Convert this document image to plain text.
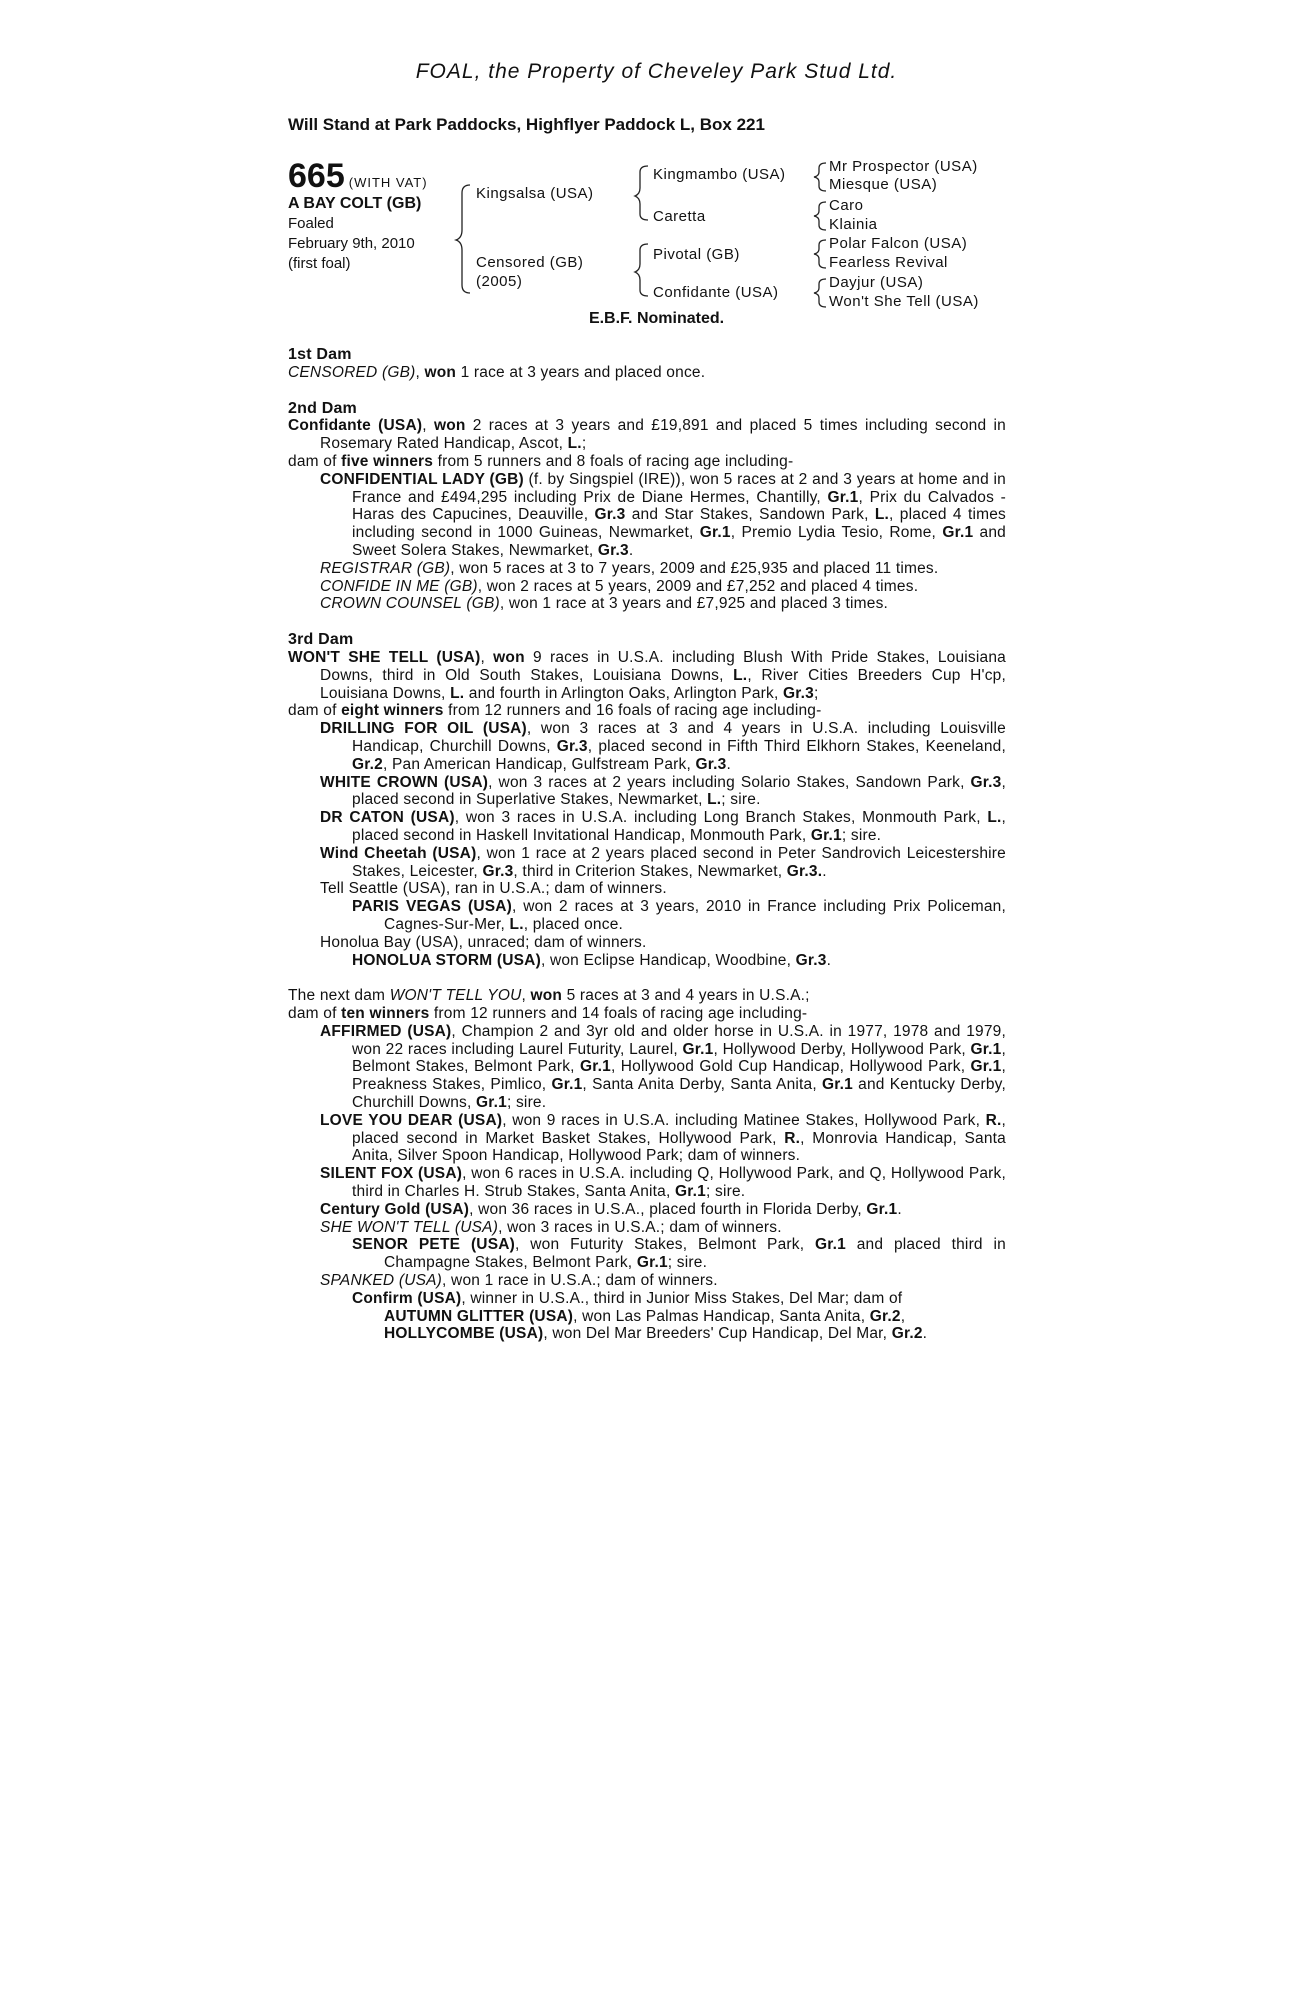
FOAL, the Property of Cheveley Park Stud Ltd.
Will Stand at Park Paddocks, Highflyer Paddock L, Box 221
665 (WITH VAT)
A BAY COLT (GB)
Foaled
February 9th, 2010
(first foal)
Kingsalsa (USA)
Censored (GB)
(2005)
Kingmambo (USA)
Caretta
Pivotal (GB)
Confidante (USA)
Mr Prospector (USA)
Miesque (USA)
Caro
Klainia
Polar Falcon (USA)
Fearless Revival
Dayjur (USA)
Won't She Tell (USA)
E.B.F. Nominated.
1st Dam
CENSORED (GB), won 1 race at 3 years and placed once.
2nd Dam
Confidante (USA), won 2 races at 3 years and £19,891 and placed 5 times including second in Rosemary Rated Handicap, Ascot, L.;
dam of five winners from 5 runners and 8 foals of racing age including-
CONFIDENTIAL LADY (GB) (f. by Singspiel (IRE)), won 5 races at 2 and 3 years at home and in France and £494,295 including Prix de Diane Hermes, Chantilly, Gr.1, Prix du Calvados - Haras des Capucines, Deauville, Gr.3 and Star Stakes, Sandown Park, L., placed 4 times including second in 1000 Guineas, Newmarket, Gr.1, Premio Lydia Tesio, Rome, Gr.1 and Sweet Solera Stakes, Newmarket, Gr.3.
REGISTRAR (GB), won 5 races at 3 to 7 years, 2009 and £25,935 and placed 11 times.
CONFIDE IN ME (GB), won 2 races at 5 years, 2009 and £7,252 and placed 4 times.
CROWN COUNSEL (GB), won 1 race at 3 years and £7,925 and placed 3 times.
3rd Dam
WON'T SHE TELL (USA), won 9 races in U.S.A. including Blush With Pride Stakes, Louisiana Downs, third in Old South Stakes, Louisiana Downs, L., River Cities Breeders Cup H'cp, Louisiana Downs, L. and fourth in Arlington Oaks, Arlington Park, Gr.3;
dam of eight winners from 12 runners and 16 foals of racing age including-
DRILLING FOR OIL (USA), won 3 races at 3 and 4 years in U.S.A. including Louisville Handicap, Churchill Downs, Gr.3, placed second in Fifth Third Elkhorn Stakes, Keeneland, Gr.2, Pan American Handicap, Gulfstream Park, Gr.3.
WHITE CROWN (USA), won 3 races at 2 years including Solario Stakes, Sandown Park, Gr.3, placed second in Superlative Stakes, Newmarket, L.; sire.
DR CATON (USA), won 3 races in U.S.A. including Long Branch Stakes, Monmouth Park, L., placed second in Haskell Invitational Handicap, Monmouth Park, Gr.1; sire.
Wind Cheetah (USA), won 1 race at 2 years placed second in Peter Sandrovich Leicestershire Stakes, Leicester, Gr.3, third in Criterion Stakes, Newmarket, Gr.3..
Tell Seattle (USA), ran in U.S.A.; dam of winners.
PARIS VEGAS (USA), won 2 races at 3 years, 2010 in France including Prix Policeman, Cagnes-Sur-Mer, L., placed once.
Honolua Bay (USA), unraced; dam of winners.
HONOLUA STORM (USA), won Eclipse Handicap, Woodbine, Gr.3.
The next dam WON'T TELL YOU, won 5 races at 3 and 4 years in U.S.A.;
dam of ten winners from 12 runners and 14 foals of racing age including-
AFFIRMED (USA), Champion 2 and 3yr old and older horse in U.S.A. in 1977, 1978 and 1979, won 22 races including Laurel Futurity, Laurel, Gr.1, Hollywood Derby, Hollywood Park, Gr.1, Belmont Stakes, Belmont Park, Gr.1, Hollywood Gold Cup Handicap, Hollywood Park, Gr.1, Preakness Stakes, Pimlico, Gr.1, Santa Anita Derby, Santa Anita, Gr.1 and Kentucky Derby, Churchill Downs, Gr.1; sire.
LOVE YOU DEAR (USA), won 9 races in U.S.A. including Matinee Stakes, Hollywood Park, R., placed second in Market Basket Stakes, Hollywood Park, R., Monrovia Handicap, Santa Anita, Silver Spoon Handicap, Hollywood Park; dam of winners.
SILENT FOX (USA), won 6 races in U.S.A. including Q, Hollywood Park, and Q, Hollywood Park, third in Charles H. Strub Stakes, Santa Anita, Gr.1; sire.
Century Gold (USA), won 36 races in U.S.A., placed fourth in Florida Derby, Gr.1.
SHE WON'T TELL (USA), won 3 races in U.S.A.; dam of winners.
SENOR PETE (USA), won Futurity Stakes, Belmont Park, Gr.1 and placed third in Champagne Stakes, Belmont Park, Gr.1; sire.
SPANKED (USA), won 1 race in U.S.A.; dam of winners.
Confirm (USA), winner in U.S.A., third in Junior Miss Stakes, Del Mar; dam of
AUTUMN GLITTER (USA), won Las Palmas Handicap, Santa Anita, Gr.2,
HOLLYCOMBE (USA), won Del Mar Breeders' Cup Handicap, Del Mar, Gr.2.
